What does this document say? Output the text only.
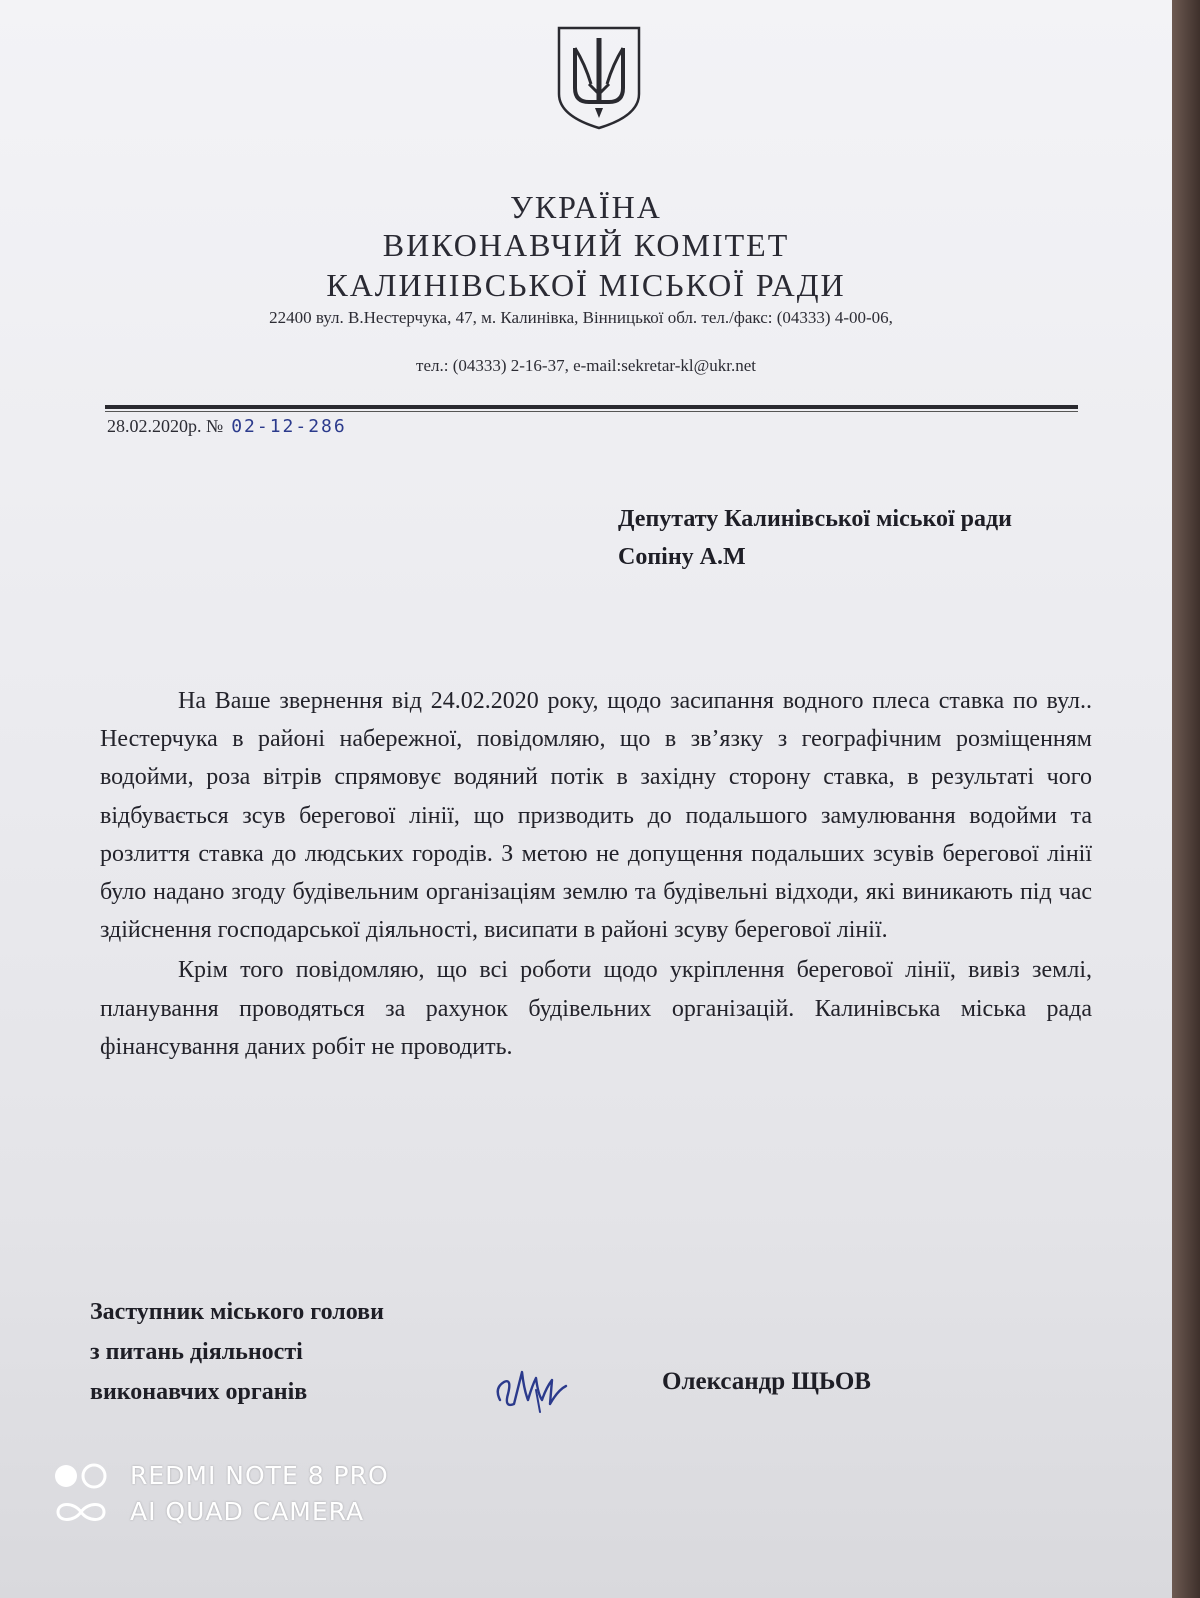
УКРАЇНА
ВИКОНАВЧИЙ КОМІТЕТ
КАЛИНІВСЬКОЇ МІСЬКОЇ РАДИ
22400 вул. В.Нестерчука, 47, м. Калинівка, Вінницької обл. тел./факс: (04333) 4-00-06,
тел.: (04333) 2-16-37, e-mail:sekretar-kl@ukr.net
28.02.2020р. № 02-12-286
Депутату Калинівської міської ради
Сопіну А.М

На Ваше звернення від 24.02.2020 року, щодо засипання водного плеса ставка по вул.. Нестерчука в районі набережної, повідомляю, що в зв’язку з географічним розміщенням водойми, роза вітрів спрямовує водяний потік в західну сторону ставка, в результаті чого відбувається зсув берегової лінії, що призводить до подальшого замулювання водойми та розлиття ставка до людських городів. З метою не допущення подальших зсувів берегової лінії було надано згоду будівельним організаціям землю та будівельні відходи, які виникають під час здійснення господарської діяльності, висипати в районі зсуву берегової лінії.

Крім того повідомляю, що всі роботи щодо укріплення берегової лінії, вивіз землі, планування проводяться за рахунок будівельних організацій. Калинівська міська рада фінансування даних робіт не проводить.

Заступник міського голови
з питань діяльності
виконавчих органів	Олександр ЩЬОВ
REDMI NOTE 8 PRO
AI QUAD CAMERA
